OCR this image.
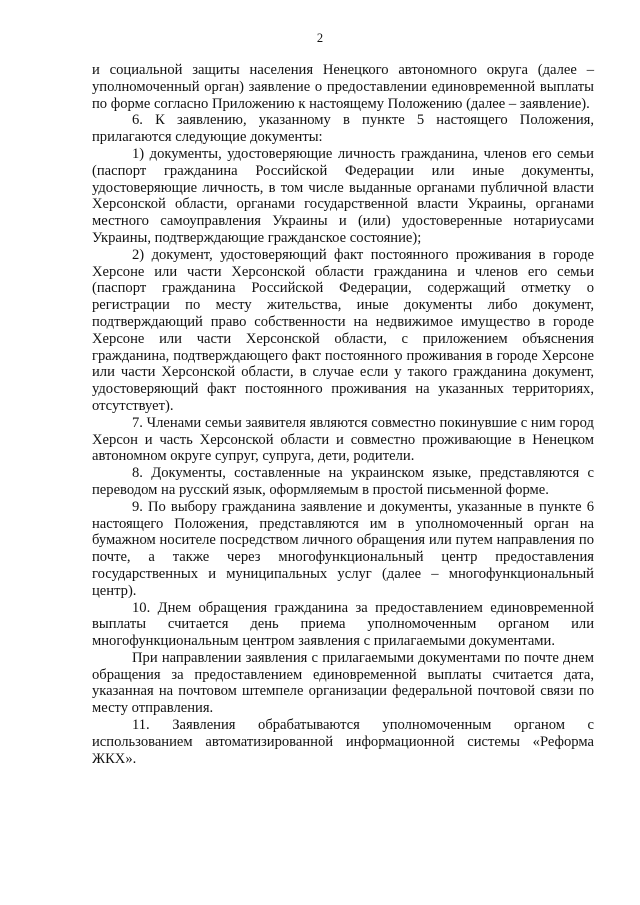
2

и социальной защиты населения Ненецкого автономного округа (далее – уполномоченный орган) заявление о предоставлении единовременной выплаты по форме согласно Приложению к настоящему Положению (далее – заявление).

6. К заявлению, указанному в пункте 5 настоящего Положения, прилагаются следующие документы:

1) документы, удостоверяющие личность гражданина, членов его семьи (паспорт гражданина Российской Федерации или иные документы, удостоверяющие личность, в том числе выданные органами публичной власти Херсонской области, органами государственной власти Украины, органами местного самоуправления Украины и (или) удостоверенные нотариусами Украины, подтверждающие гражданское состояние);

2) документ, удостоверяющий факт постоянного проживания в городе Херсоне или части Херсонской области гражданина и членов его семьи (паспорт гражданина Российской Федерации, содержащий отметку о регистрации по месту жительства, иные документы либо документ, подтверждающий право собственности на недвижимое имущество в городе Херсоне или части Херсонской области, с приложением объяснения гражданина, подтверждающего факт постоянного проживания в городе Херсоне или части Херсонской области, в случае если у такого гражданина документ, удостоверяющий факт постоянного проживания на указанных территориях, отсутствует).

7. Членами семьи заявителя являются совместно покинувшие с ним город Херсон и часть Херсонской области и совместно проживающие в Ненецком автономном округе супруг, супруга, дети, родители.

8. Документы, составленные на украинском языке, представляются с переводом на русский язык, оформляемым в простой письменной форме.

9. По выбору гражданина заявление и документы, указанные в пункте 6 настоящего Положения, представляются им в уполномоченный орган на бумажном носителе посредством личного обращения или путем направления по почте, а также через многофункциональный центр предоставления государственных и муниципальных услуг (далее – многофункциональный центр).

10. Днем обращения гражданина за предоставлением единовременной выплаты считается день приема уполномоченным органом или многофункциональным центром заявления с прилагаемыми документами.

При направлении заявления с прилагаемыми документами по почте днем обращения за предоставлением единовременной выплаты считается дата, указанная на почтовом штемпеле организации федеральной почтовой связи по месту отправления.

11. Заявления обрабатываются уполномоченным органом с использованием автоматизированной информационной системы «Реформа ЖКХ».
